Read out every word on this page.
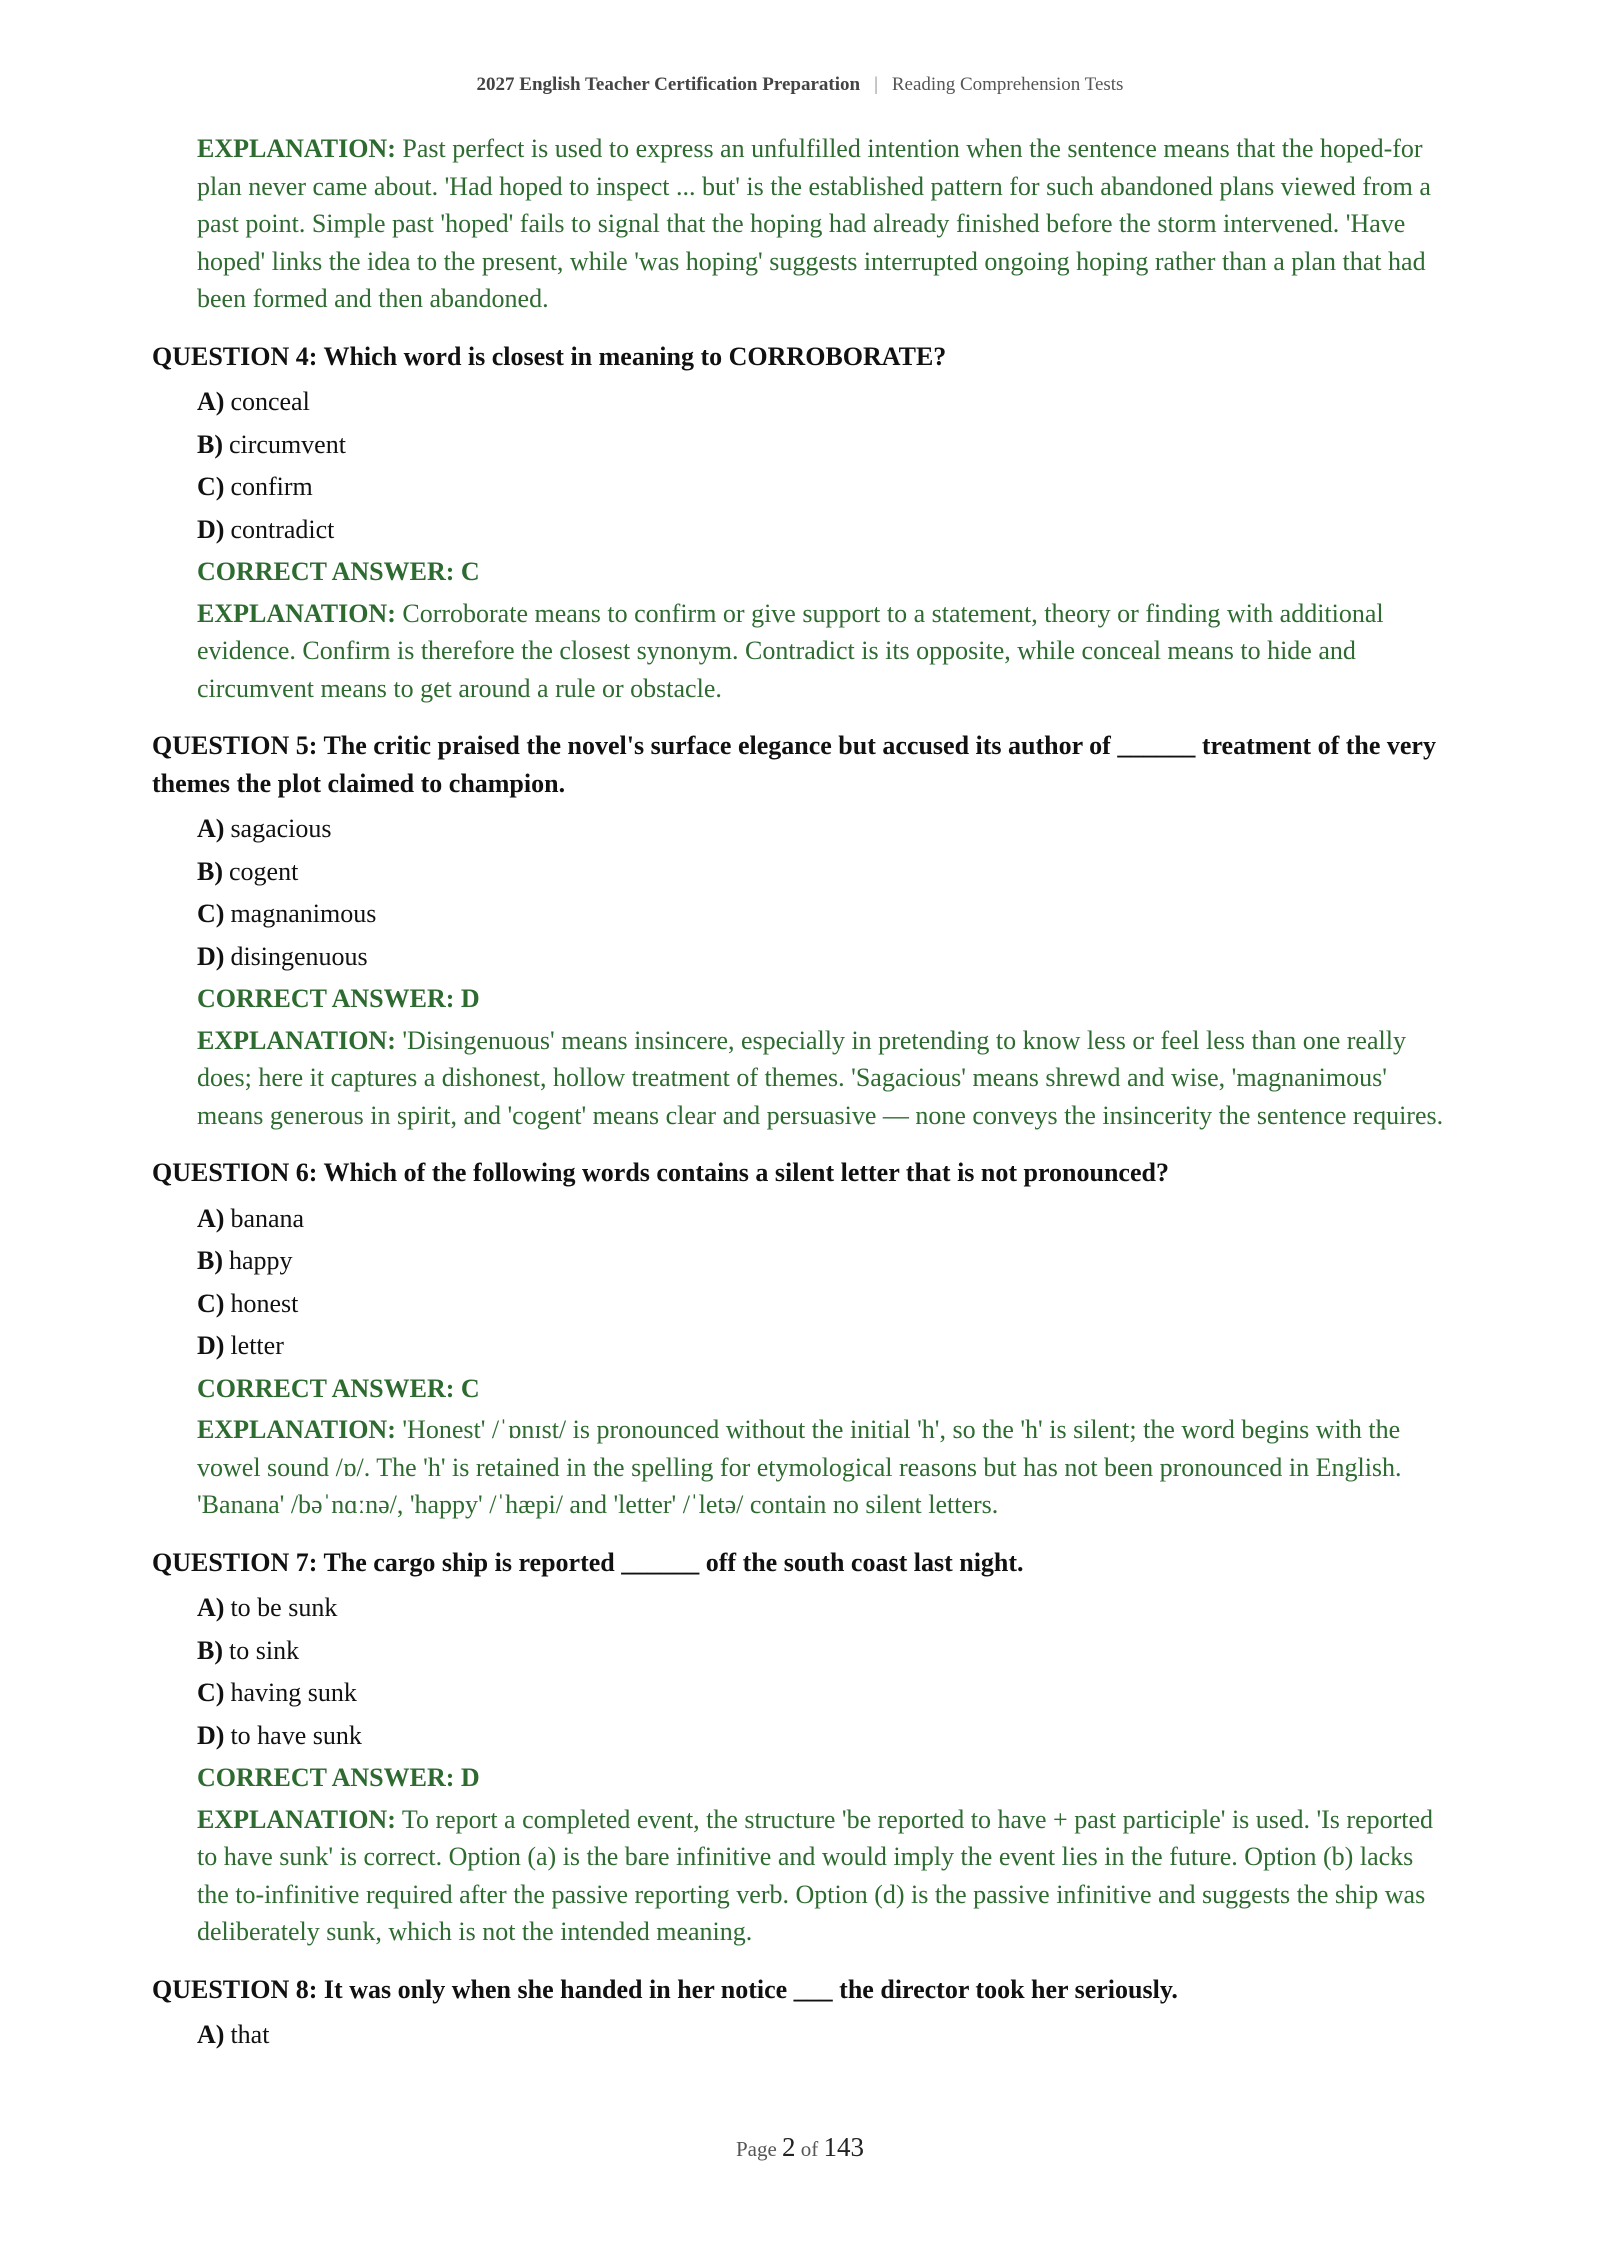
2027 English Teacher Certification Preparation | Reading Comprehension Tests
EXPLANATION: Past perfect is used to express an unfulfilled intention when the sentence means that the hoped-for plan never came about. 'Had hoped to inspect ... but' is the established pattern for such abandoned plans viewed from a past point. Simple past 'hoped' fails to signal that the hoping had already finished before the storm intervened. 'Have hoped' links the idea to the present, while 'was hoping' suggests interrupted ongoing hoping rather than a plan that had been formed and then abandoned.
QUESTION 4: Which word is closest in meaning to CORROBORATE?
A) conceal
B) circumvent
C) confirm
D) contradict
CORRECT ANSWER: C
EXPLANATION: Corroborate means to confirm or give support to a statement, theory or finding with additional evidence. Confirm is therefore the closest synonym. Contradict is its opposite, while conceal means to hide and circumvent means to get around a rule or obstacle.
QUESTION 5: The critic praised the novel's surface elegance but accused its author of ______ treatment of the very themes the plot claimed to champion.
A) sagacious
B) cogent
C) magnanimous
D) disingenuous
CORRECT ANSWER: D
EXPLANATION: 'Disingenuous' means insincere, especially in pretending to know less or feel less than one really does; here it captures a dishonest, hollow treatment of themes. 'Sagacious' means shrewd and wise, 'magnanimous' means generous in spirit, and 'cogent' means clear and persuasive — none conveys the insincerity the sentence requires.
QUESTION 6: Which of the following words contains a silent letter that is not pronounced?
A) banana
B) happy
C) honest
D) letter
CORRECT ANSWER: C
EXPLANATION: 'Honest' /ˈɒnɪst/ is pronounced without the initial 'h', so the 'h' is silent; the word begins with the vowel sound /ɒ/. The 'h' is retained in the spelling for etymological reasons but has not been pronounced in English. 'Banana' /bəˈnɑːnə/, 'happy' /ˈhæpi/ and 'letter' /ˈletə/ contain no silent letters.
QUESTION 7: The cargo ship is reported ______ off the south coast last night.
A) to be sunk
B) to sink
C) having sunk
D) to have sunk
CORRECT ANSWER: D
EXPLANATION: To report a completed event, the structure 'be reported to have + past participle' is used. 'Is reported to have sunk' is correct. Option (a) is the bare infinitive and would imply the event lies in the future. Option (b) lacks the to-infinitive required after the passive reporting verb. Option (d) is the passive infinitive and suggests the ship was deliberately sunk, which is not the intended meaning.
QUESTION 8: It was only when she handed in her notice ___ the director took her seriously.
A) that
Page 2 of 143
